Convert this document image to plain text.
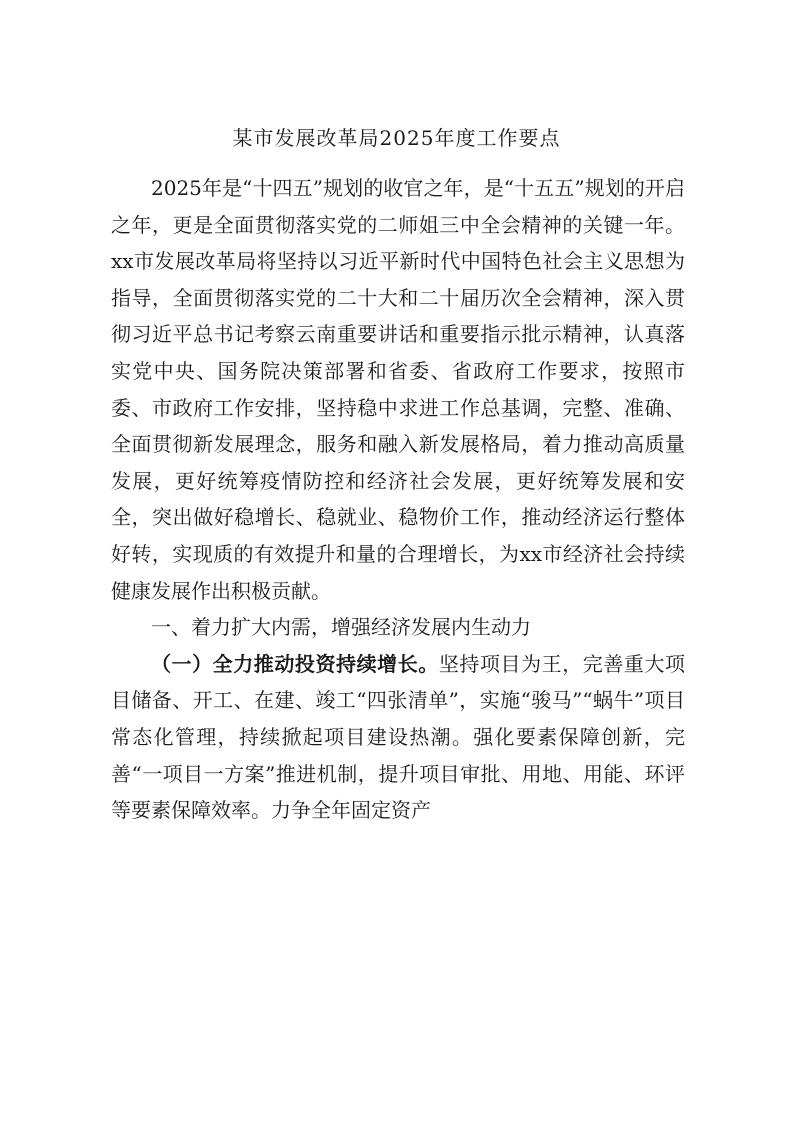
某市发展改革局2025年度工作要点

2025年是“十四五”规划的收官之年，是“十五五”规划的开启之年，更是全面贯彻落实党的二师姐三中全会精神的关键一年。xx市发展改革局将坚持以习近平新时代中国特色社会主义思想为指导，全面贯彻落实党的二十大和二十届历次全会精神，深入贯彻习近平总书记考察云南重要讲话和重要指示批示精神，认真落实党中央、国务院决策部署和省委、省政府工作要求，按照市委、市政府工作安排，坚持稳中求进工作总基调，完整、准确、全面贯彻新发展理念，服务和融入新发展格局，着力推动高质量发展，更好统筹疫情防控和经济社会发展，更好统筹发展和安全，突出做好稳增长、稳就业、稳物价工作，推动经济运行整体好转，实现质的有效提升和量的合理增长，为xx市经济社会持续健康发展作出积极贡献。

一、着力扩大内需，增强经济发展内生动力

（一）全力推动投资持续增长。坚持项目为王，完善重大项目储备、开工、在建、竣工“四张清单”，实施“骏马”“蜗牛”项目常态化管理，持续掀起项目建设热潮。强化要素保障创新，完善“一项目一方案”推进机制，提升项目审批、用地、用能、环评等要素保障效率。力争全年固定资产
